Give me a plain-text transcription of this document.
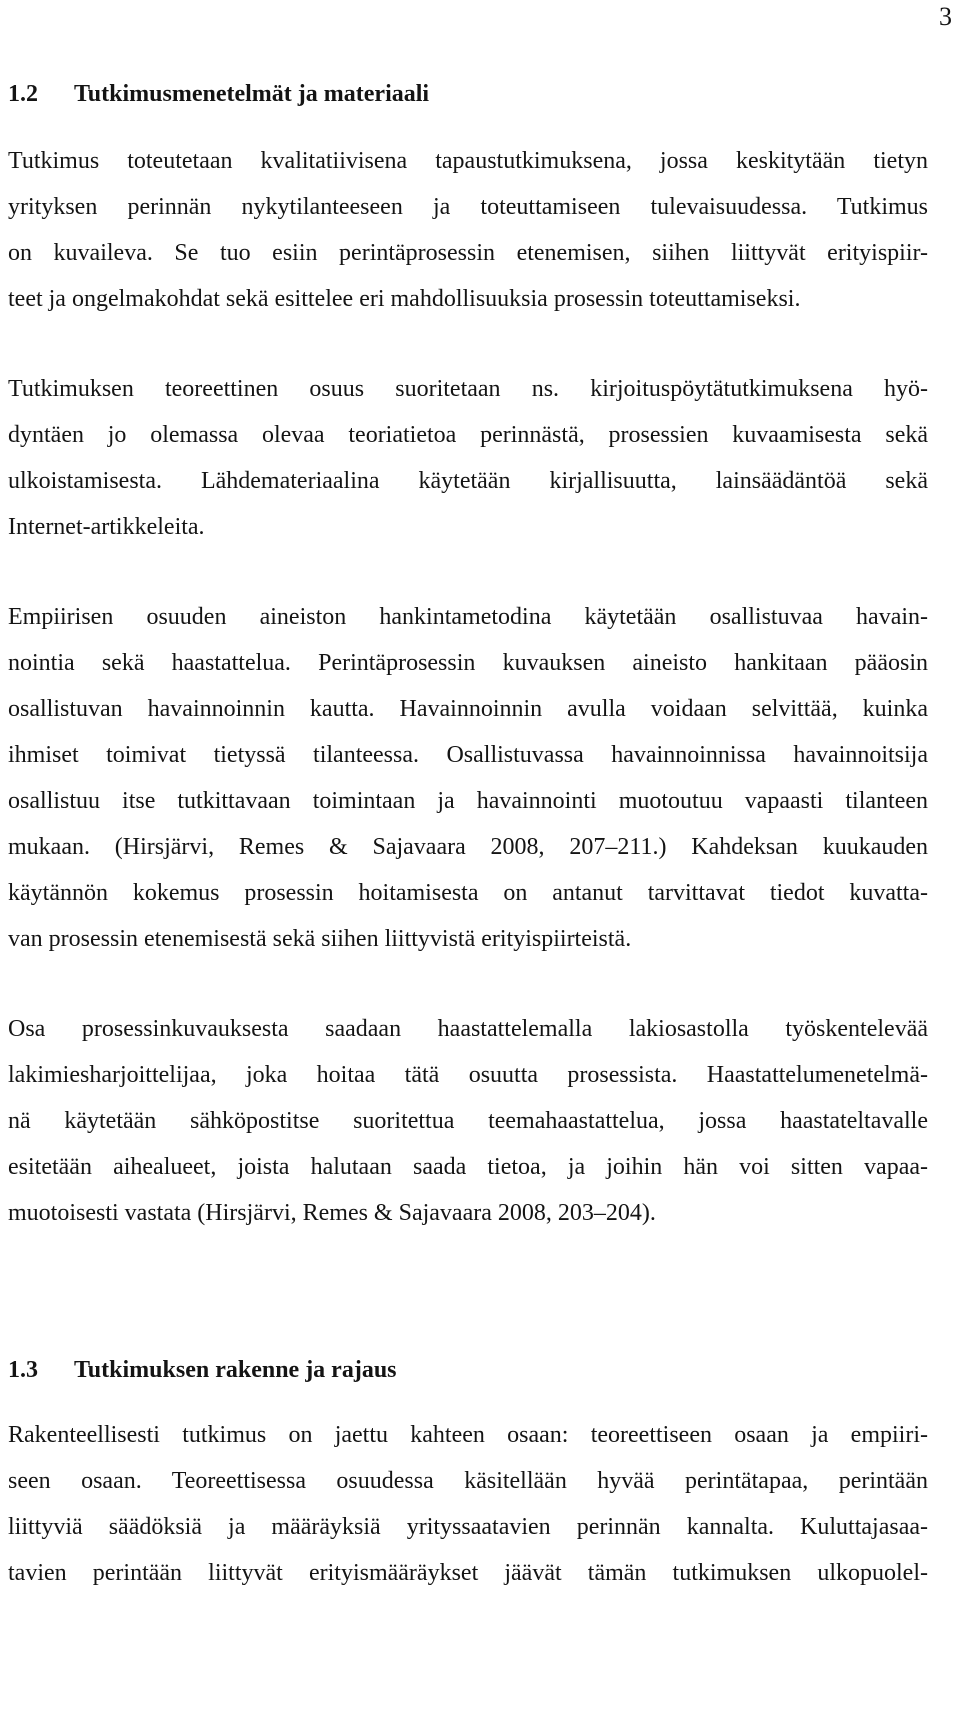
3
1.2	Tutkimusmenetelmät ja materiaali

Tutkimus toteutetaan kvalitatiivisena tapaustutkimuksena, jossa keskitytään tietyn
yrityksen perinnän nykytilanteeseen ja toteuttamiseen tulevaisuudessa. Tutkimus
on kuvaileva. Se tuo esiin perintäprosessin etenemisen, siihen liittyvät erityispiir-
teet ja ongelmakohdat sekä esittelee eri mahdollisuuksia prosessin toteuttamiseksi.

Tutkimuksen teoreettinen osuus suoritetaan ns. kirjoituspöytätutkimuksena hyö-
dyntäen jo olemassa olevaa teoriatietoa perinnästä, prosessien kuvaamisesta sekä
ulkoistamisesta. Lähdemateriaalina käytetään kirjallisuutta, lainsäädäntöä sekä
Internet-artikkeleita.

Empiirisen osuuden aineiston hankintametodina käytetään osallistuvaa havain-
nointia sekä haastattelua. Perintäprosessin kuvauksen aineisto hankitaan pääosin
osallistuvan havainnoinnin kautta. Havainnoinnin avulla voidaan selvittää, kuinka
ihmiset toimivat tietyssä tilanteessa. Osallistuvassa havainnoinnissa havainnoitsija
osallistuu itse tutkittavaan toimintaan ja havainnointi muotoutuu vapaasti tilanteen
mukaan. (Hirsjärvi, Remes & Sajavaara 2008, 207–211.) Kahdeksan kuukauden
käytännön kokemus prosessin hoitamisesta on antanut tarvittavat tiedot kuvatta-
van prosessin etenemisestä sekä siihen liittyvistä erityispiirteistä.

Osa prosessinkuvauksesta saadaan haastattelemalla lakiosastolla työskentelevää
lakimiesharjoittelijaa, joka hoitaa tätä osuutta prosessista. Haastattelumenetelmä-
nä käytetään sähköpostitse suoritettua teemahaastattelua, jossa haastateltavalle
esitetään aihealueet, joista halutaan saada tietoa, ja joihin hän voi sitten vapaa-
muotoisesti vastata (Hirsjärvi, Remes & Sajavaara 2008, 203–204).

1.3	Tutkimuksen rakenne ja rajaus

Rakenteellisesti tutkimus on jaettu kahteen osaan: teoreettiseen osaan ja empiiri-
seen osaan. Teoreettisessa osuudessa käsitellään hyvää perintätapaa, perintään
liittyviä säädöksiä ja määräyksiä yrityssaatavien perinnän kannalta. Kuluttajasaa-
tavien perintään liittyvät erityismääräykset jäävät tämän tutkimuksen ulkopuolel-
